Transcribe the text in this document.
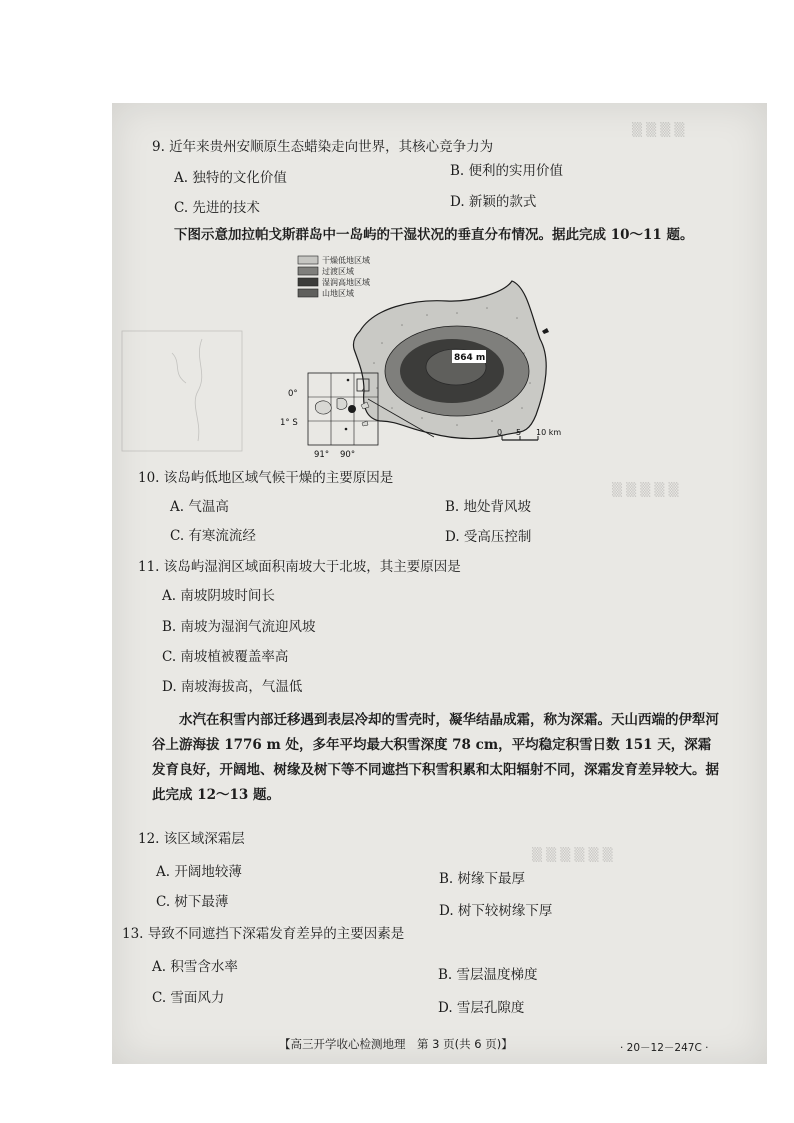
▒ ▒ ▒ ▒
▒ ▒ ▒ ▒ ▒
▒ ▒ ▒ ▒ ▒ ▒
9. 近年来贵州安顺原生态蜡染走向世界，其核心竞争力为
A. 独特的文化价值	B. 便利的实用价值
C. 先进的技术	D. 新颖的款式
下图示意加拉帕戈斯群岛中一岛屿的干湿状况的垂直分布情况。据此完成 10～11 题。
干燥低地区域
过渡区域
湿润高地区域
山地区域
864 m
0 5 10 km
0°
1° S
91° 90°
10. 该岛屿低地区域气候干燥的主要原因是
A. 气温高	B. 地处背风坡
C. 有寒流流经	D. 受高压控制
11. 该岛屿湿润区域面积南坡大于北坡，其主要原因是
A. 南坡阴坡时间长
B. 南坡为湿润气流迎风坡
C. 南坡植被覆盖率高
D. 南坡海拔高，气温低
水汽在积雪内部迁移遇到表层冷却的雪壳时，凝华结晶成霜，称为深霜。天山西端的伊犁河谷上游海拔 1776 m 处，多年平均最大积雪深度 78 cm，平均稳定积雪日数 151 天，深霜发育良好，开阔地、树缘及树下等不同遮挡下积雪积累和太阳辐射不同，深霜发育差异较大。据此完成 12～13 题。
12. 该区域深霜层
A. 开阔地较薄	B. 树缘下最厚
C. 树下最薄
D. 树下较树缘下厚
13. 导致不同遮挡下深霜发育差异的主要因素是
A. 积雪含水率	B. 雪层温度梯度
C. 雪面风力
D. 雪层孔隙度
【高三开学收心检测地理　第 3 页(共 6 页)】	· 20－12－247C ·
